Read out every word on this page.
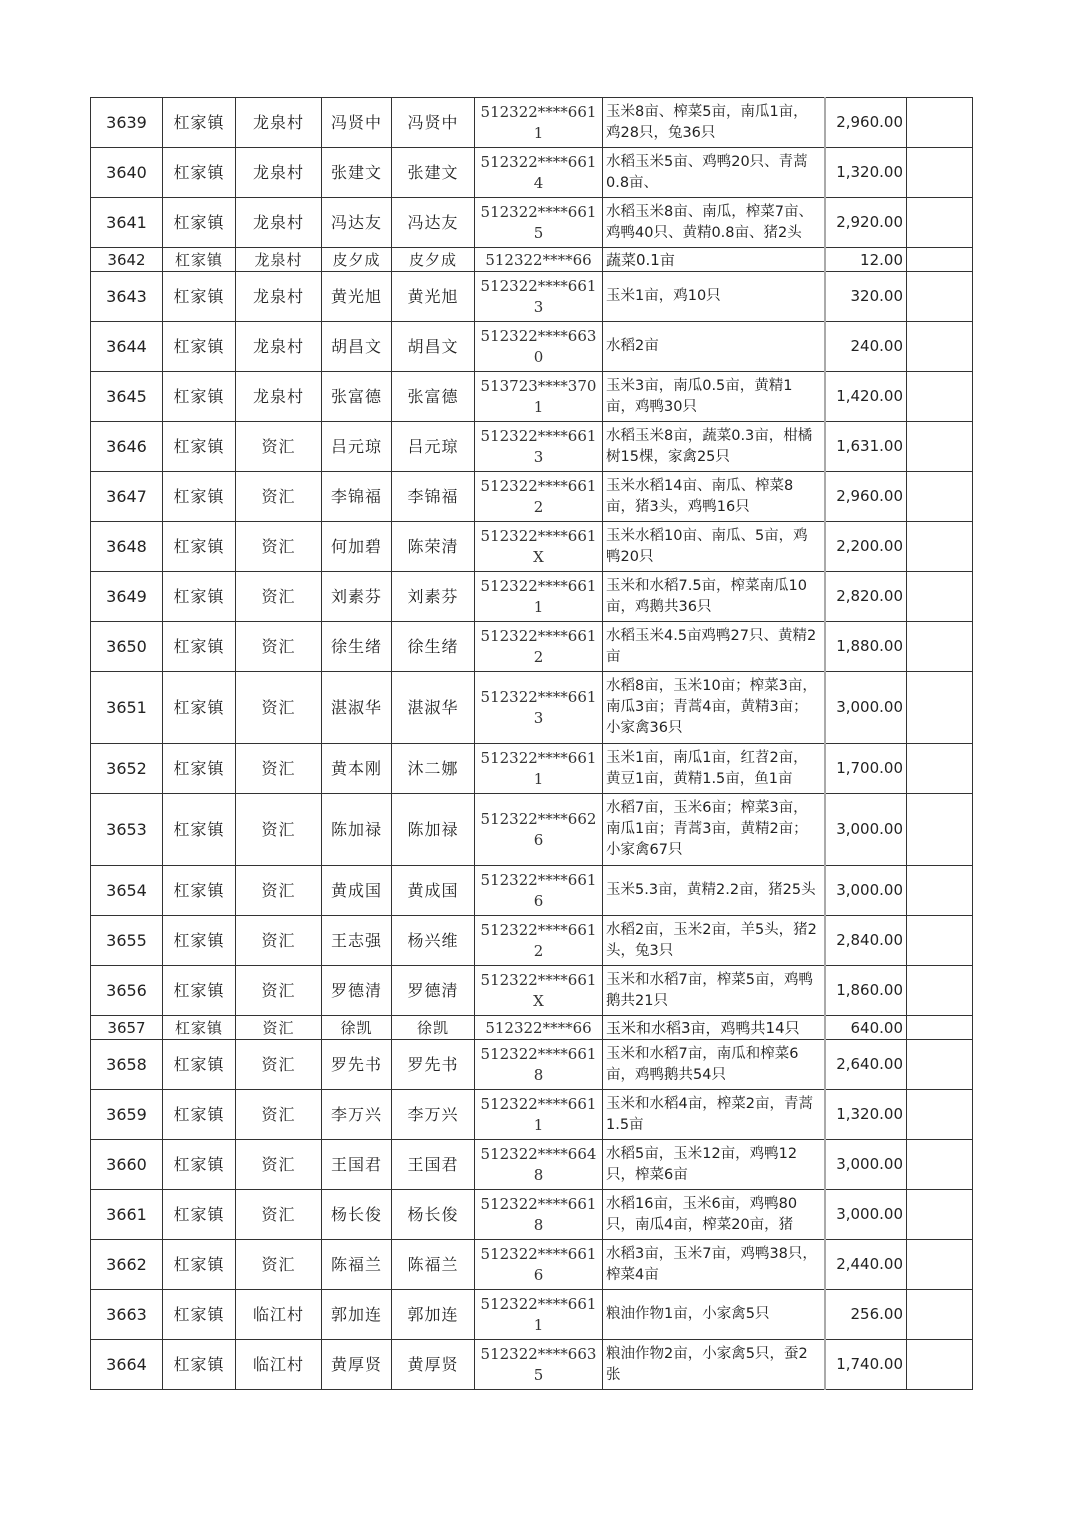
3639	杠家镇	龙泉村	冯贤中	冯贤中	512322****6611	玉米8亩、榨菜5亩，南瓜1亩，鸡28只，兔36只	2,960.00	
3640	杠家镇	龙泉村	张建文	张建文	512322****6614	水稻玉米5亩、鸡鸭20只、青蒿0.8亩、	1,320.00	
3641	杠家镇	龙泉村	冯达友	冯达友	512322****6615	水稻玉米8亩、南瓜，榨菜7亩、鸡鸭40只、黄精0.8亩、猪2头	2,920.00	
3642	杠家镇	龙泉村	皮夕成	皮夕成	512322****66	蔬菜0.1亩	12.00	
3643	杠家镇	龙泉村	黄光旭	黄光旭	512322****6613	玉米1亩，鸡10只	320.00	
3644	杠家镇	龙泉村	胡昌文	胡昌文	512322****6630	水稻2亩	240.00	
3645	杠家镇	龙泉村	张富德	张富德	513723****3701	玉米3亩，南瓜0.5亩，黄精1亩，鸡鸭30只	1,420.00	
3646	杠家镇	资汇	吕元琼	吕元琼	512322****6613	水稻玉米8亩，蔬菜0.3亩，柑橘树15棵，家禽25只	1,631.00	
3647	杠家镇	资汇	李锦福	李锦福	512322****6612	玉米水稻14亩、南瓜、榨菜8亩，猪3头，鸡鸭16只	2,960.00	
3648	杠家镇	资汇	何加碧	陈荣清	512322****661X	玉米水稻10亩、南瓜、5亩，鸡鸭20只	2,200.00	
3649	杠家镇	资汇	刘素芬	刘素芬	512322****6611	玉米和水稻7.5亩，榨菜南瓜10亩，鸡鹅共36只	2,820.00	
3650	杠家镇	资汇	徐生绪	徐生绪	512322****6612	水稻玉米4.5亩鸡鸭27只、黄精2亩	1,880.00	
3651	杠家镇	资汇	湛淑华	湛淑华	512322****6613	水稻8亩，玉米10亩；榨菜3亩，南瓜3亩；青蒿4亩，黄精3亩；小家禽36只	3,000.00	
3652	杠家镇	资汇	黄本刚	沐二娜	512322****6611	玉米1亩，南瓜1亩，红苕2亩，黄豆1亩，黄精1.5亩，鱼1亩	1,700.00	
3653	杠家镇	资汇	陈加禄	陈加禄	512322****6626	水稻7亩，玉米6亩；榨菜3亩，南瓜1亩；青蒿3亩，黄精2亩；小家禽67只	3,000.00	
3654	杠家镇	资汇	黄成国	黄成国	512322****6616	玉米5.3亩，黄精2.2亩，猪25头	3,000.00	
3655	杠家镇	资汇	王志强	杨兴维	512322****6612	水稻2亩，玉米2亩，羊5头，猪2头，兔3只	2,840.00	
3656	杠家镇	资汇	罗德清	罗德清	512322****661X	玉米和水稻7亩，榨菜5亩，鸡鸭鹅共21只	1,860.00	
3657	杠家镇	资汇	徐凯	徐凯	512322****66	玉米和水稻3亩，鸡鸭共14只	640.00	
3658	杠家镇	资汇	罗先书	罗先书	512322****6618	玉米和水稻7亩，南瓜和榨菜6亩，鸡鸭鹅共54只	2,640.00	
3659	杠家镇	资汇	李万兴	李万兴	512322****6611	玉米和水稻4亩，榨菜2亩，青蒿1.5亩	1,320.00	
3660	杠家镇	资汇	王国君	王国君	512322****6648	水稻5亩，玉米12亩，鸡鸭12只，榨菜6亩	3,000.00	
3661	杠家镇	资汇	杨长俊	杨长俊	512322****6618	水稻16亩，玉米6亩，鸡鸭80只，南瓜4亩，榨菜20亩，猪	3,000.00	
3662	杠家镇	资汇	陈福兰	陈福兰	512322****6616	水稻3亩，玉米7亩，鸡鸭38只，榨菜4亩	2,440.00	
3663	杠家镇	临江村	郭加连	郭加连	512322****6611	粮油作物1亩，小家禽5只	256.00	
3664	杠家镇	临江村	黄厚贤	黄厚贤	512322****6635	粮油作物2亩，小家禽5只，蚕2张	1,740.00	
